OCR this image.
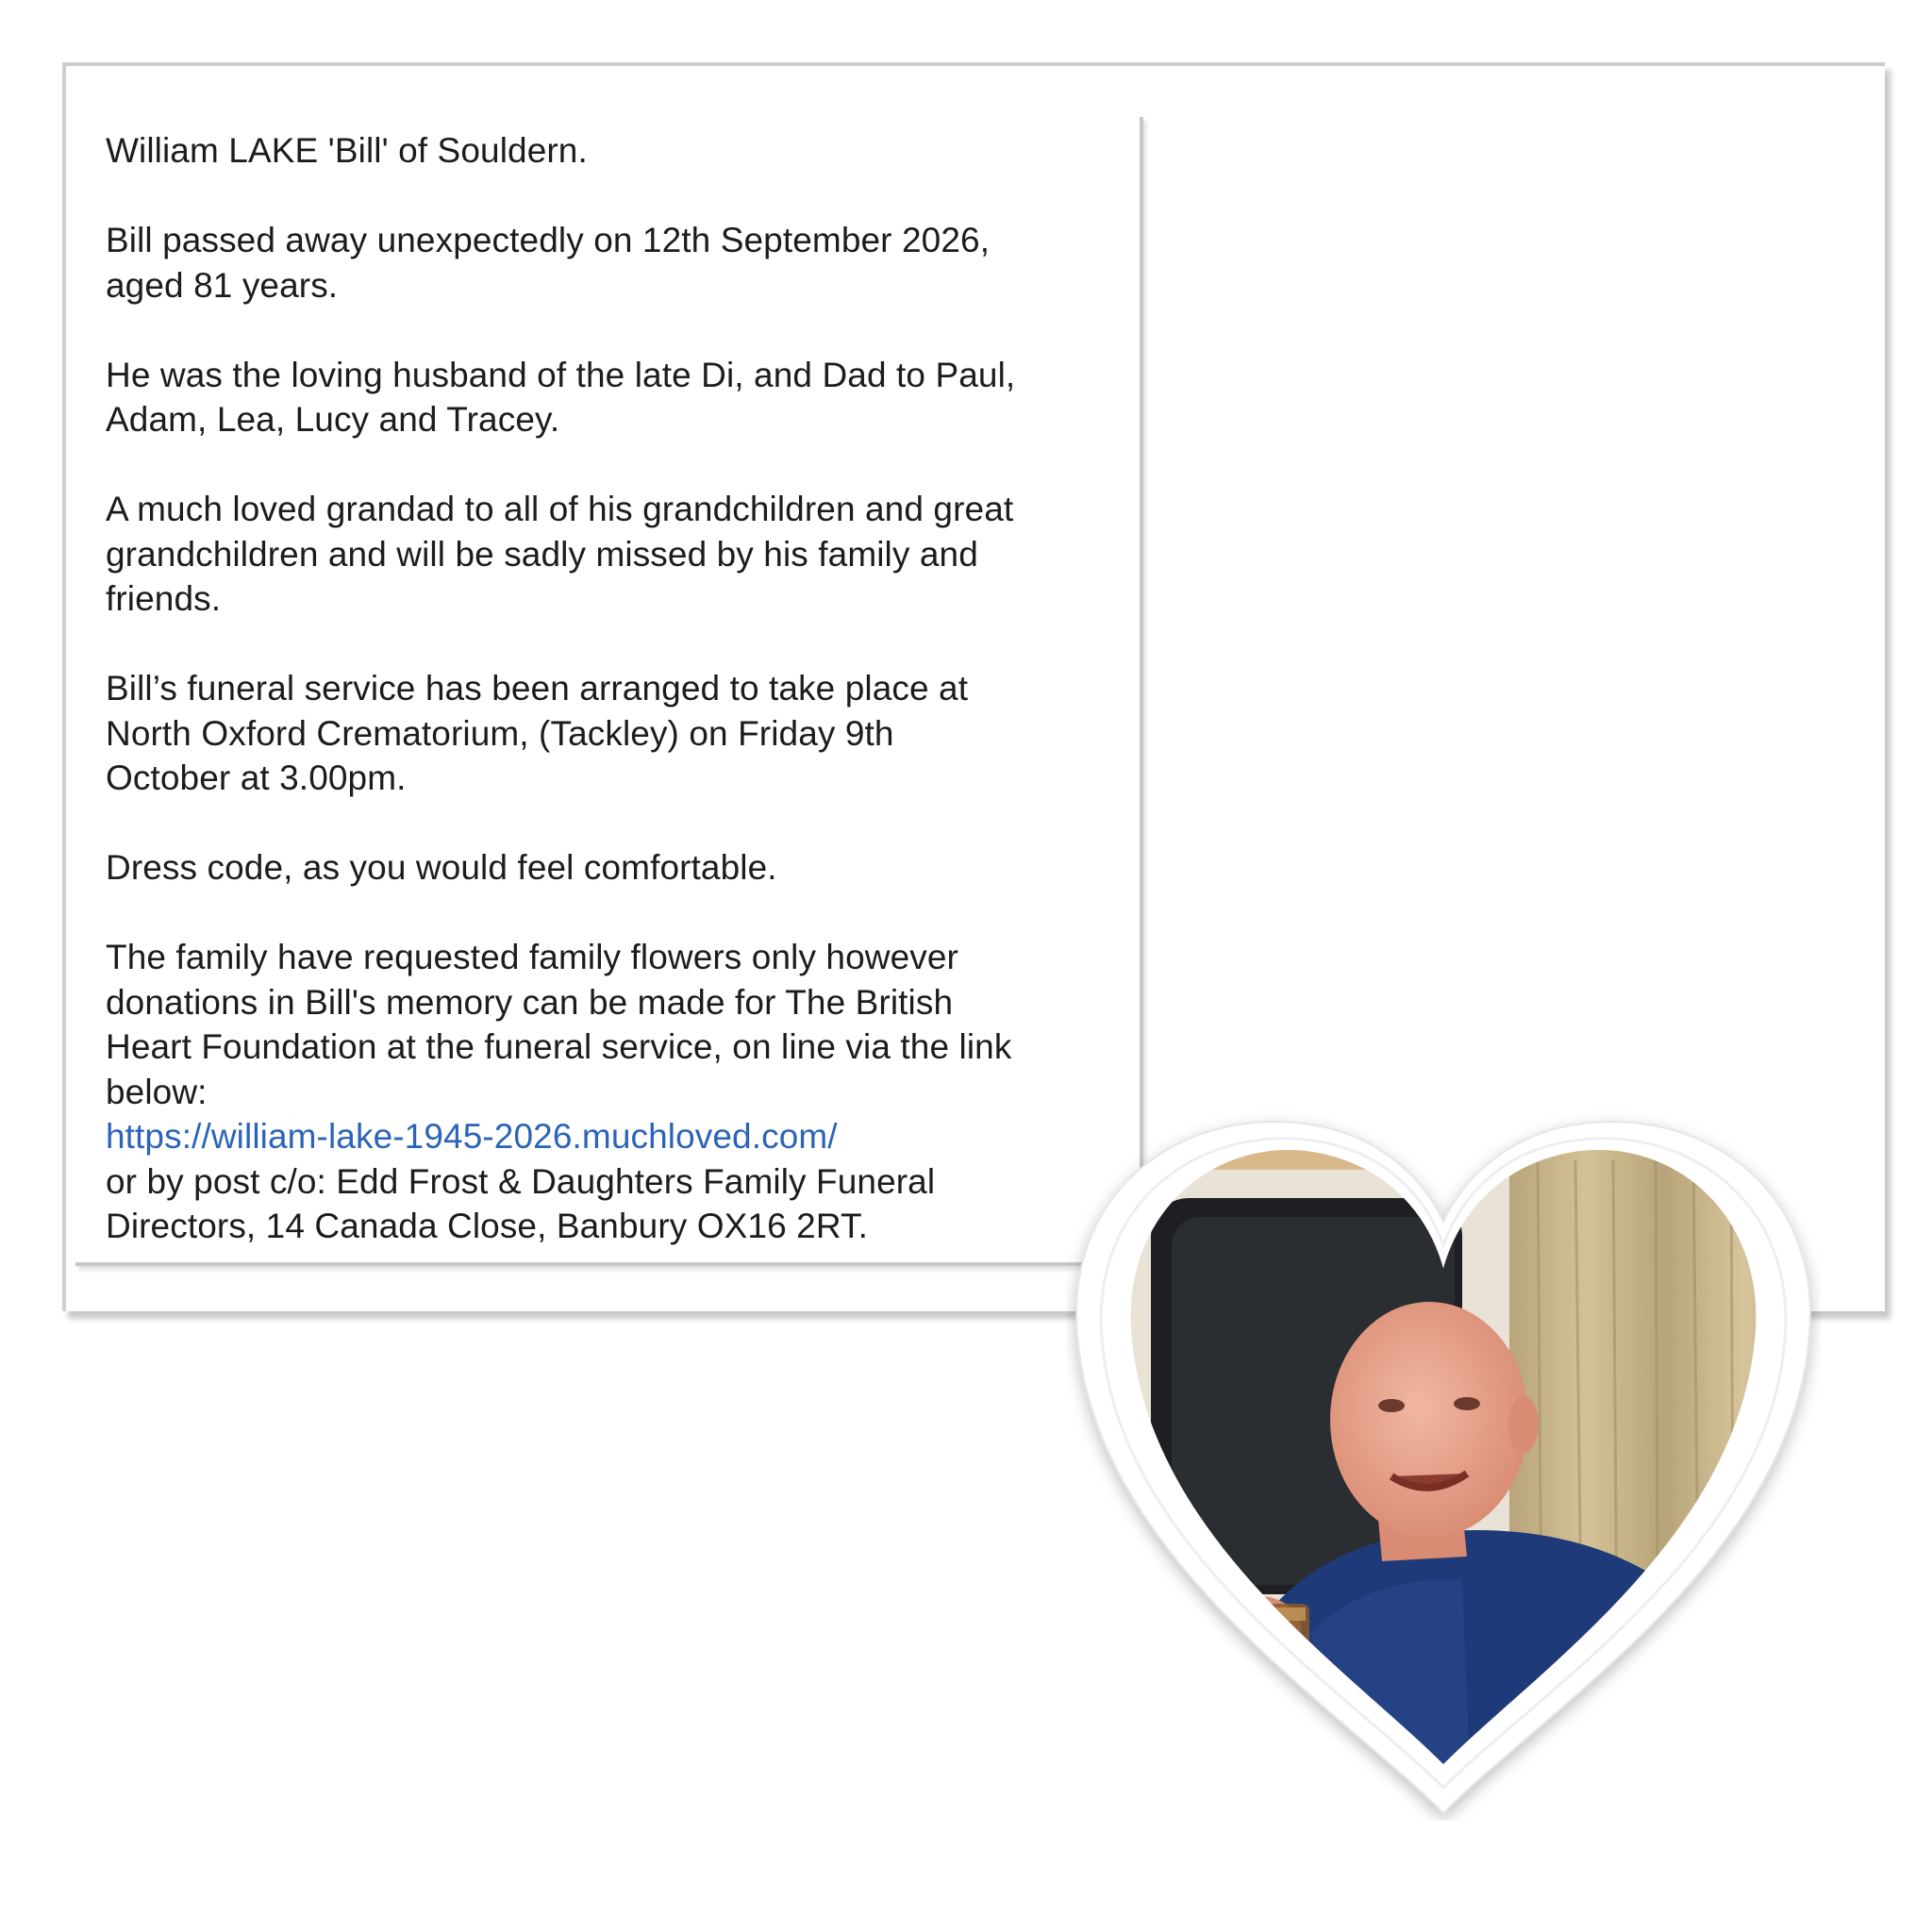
William LAKE 'Bill' of Souldern.

Bill passed away unexpectedly on 12th September 2026,
aged 81 years.

He was the loving husband of the late Di, and Dad to Paul,
Adam, Lea, Lucy and Tracey.

A much loved grandad to all of his grandchildren and great
grandchildren and will be sadly missed by his family and
friends.

Bill’s funeral service has been arranged to take place at
North Oxford Crematorium, (Tackley) on Friday 9th
October at 3.00pm.

Dress code, as you would feel comfortable.

The family have requested family flowers only however
donations in Bill's memory can be made for The British
Heart Foundation at the funeral service, on line via the link
below:
https://william-lake-1945-2026.muchloved.com/
or by post c/o: Edd Frost & Daughters Family Funeral
Directors, 14 Canada Close, Banbury OX16 2RT.
